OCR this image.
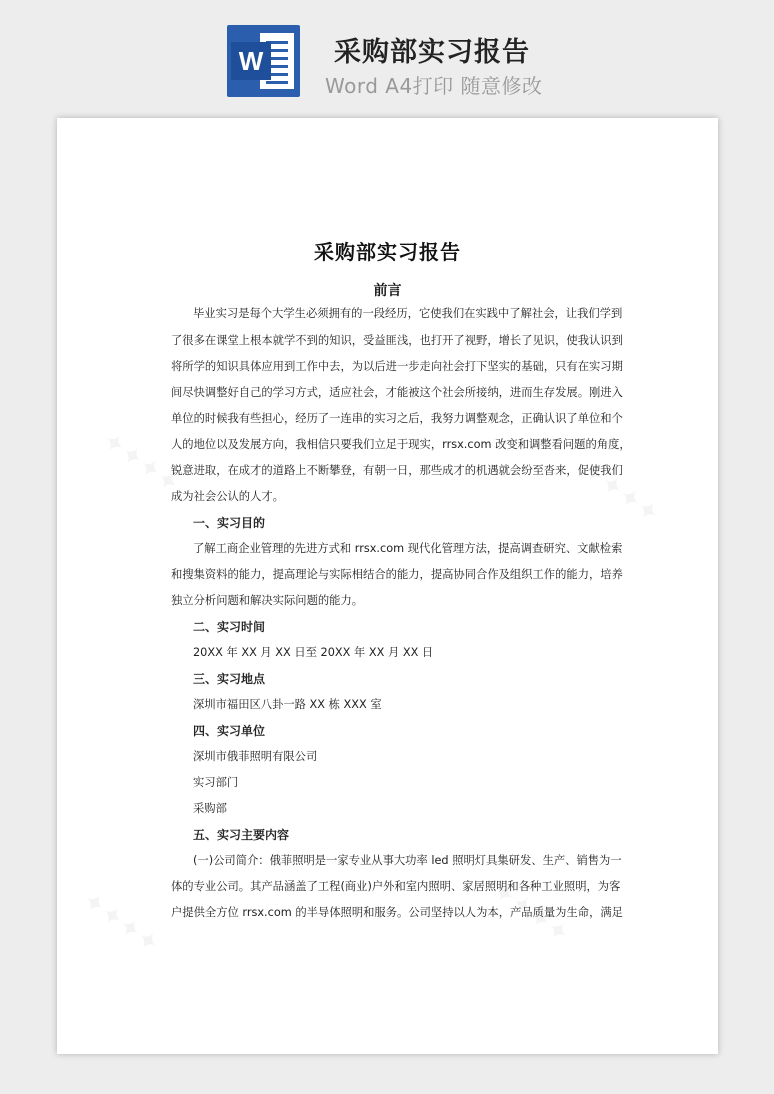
W	采购部实习报告
Word A4打印 随意修改
✦✦✦✦	✦✦✦✦
✦✦✦✦	✦✦✦✦
采购部实习报告
前言
毕业实习是每个大学生必须拥有的一段经历，它使我们在实践中了解社会，让我们学到
了很多在课堂上根本就学不到的知识，受益匪浅，也打开了视野，增长了见识，使我认识到
将所学的知识具体应用到工作中去，为以后进一步走向社会打下坚实的基础，只有在实习期
间尽快调整好自己的学习方式，适应社会，才能被这个社会所接纳，进而生存发展。刚进入
单位的时候我有些担心，经历了一连串的实习之后，我努力调整观念，正确认识了单位和个
人的地位以及发展方向，我相信只要我们立足于现实，rrsx.com 改变和调整看问题的角度，
锐意进取，在成才的道路上不断攀登，有朝一日，那些成才的机遇就会纷至沓来，促使我们
成为社会公认的人才。
一、实习目的
了解工商企业管理的先进方式和 rrsx.com 现代化管理方法，提高调查研究、文献检索
和搜集资料的能力，提高理论与实际相结合的能力，提高协同合作及组织工作的能力，培养
独立分析问题和解决实际问题的能力。
二、实习时间
20XX 年 XX 月 XX 日至 20XX 年 XX 月 XX 日
三、实习地点
深圳市福田区八卦一路 XX 栋 XXX 室
四、实习单位
深圳市俄菲照明有限公司
实习部门
采购部
五、实习主要内容
(一)公司简介：俄菲照明是一家专业从事大功率 led 照明灯具集研发、生产、销售为一
体的专业公司。其产品涵盖了工程(商业)户外和室内照明、家居照明和各种工业照明，为客
户提供全方位 rrsx.com 的半导体照明和服务。公司坚持以人为本，产品质量为生命，满足
